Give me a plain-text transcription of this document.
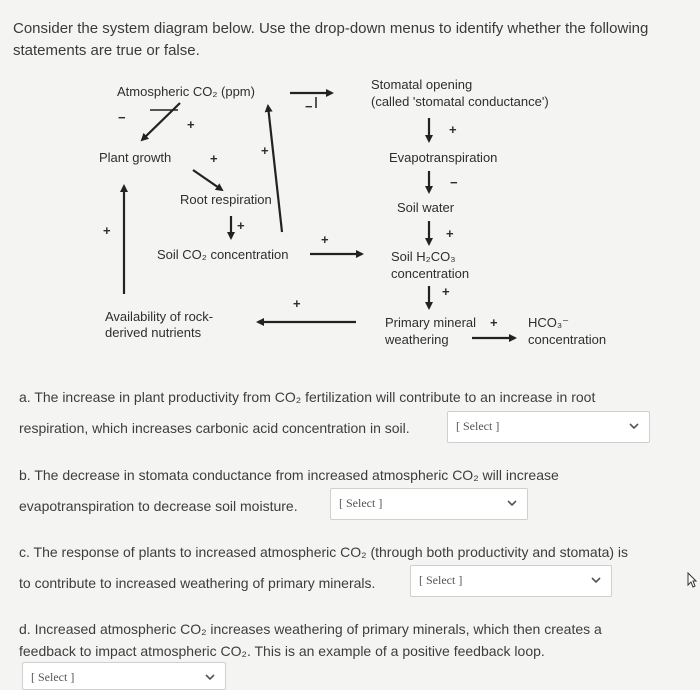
Consider the system diagram below. Use the drop-down menus to identify whether the following statements are true or false.
Atmospheric CO₂ (ppm)	Stomatal opening
(called 'stomatal conductance')
Plant growth	Evapotranspiration
Root respiration
Soil water
Soil CO₂ concentration	Soil H₂CO₃
concentration
Availability of rock-
derived nutrients
Primary mineral
weathering
HCO₃⁻
concentration
−
−	+
+
+
+
−
+	+
+
+
+
+
+
a. The increase in plant productivity from CO₂ fertilization will contribute to an increase in root
respiration, which increases carbonic acid concentration in soil.	[ Select ]
b. The decrease in stomata conductance from increased atmospheric CO₂ will increase
evapotranspiration to decrease soil moisture.	[ Select ]
c. The response of plants to increased atmospheric CO₂ (through both productivity and stomata) is
to contribute to increased weathering of primary minerals.	[ Select ]
d. Increased atmospheric CO₂ increases weathering of primary minerals, which then creates a
feedback to impact atmospheric CO₂. This is an example of a positive feedback loop.
[ Select ]
